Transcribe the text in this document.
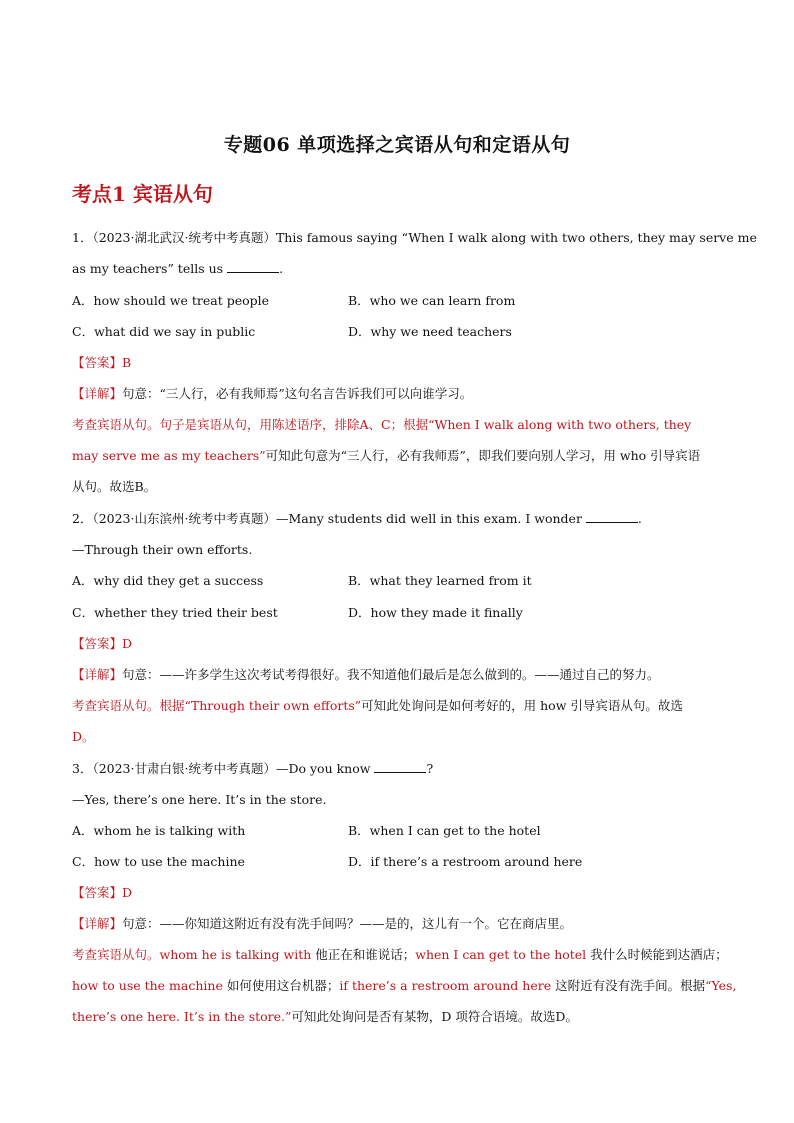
专题06 单项选择之宾语从句和定语从句
考点1 宾语从句
1．（2023·湖北武汉·统考中考真题）This famous saying “When I walk along with two others, they may serve me
as my teachers” tells us	.
A．how should we treat people	B．who we can learn from
C．what did we say in public	D．why we need teachers
【答案】B
【详解】句意：“三人行，必有我师焉”这句名言告诉我们可以向谁学习。
考查宾语从句。句子是宾语从句，用陈述语序，排除A、C；根据“When I walk along with two others, they
may serve me as my teachers”可知此句意为“三人行，必有我师焉”，即我们要向别人学习，用 who 引导宾语
从句。故选B。
2．（2023·山东滨州·统考中考真题）—Many students did well in this exam. I wonder	.
—Through their own efforts.
A．why did they get a success	B．what they learned from it
C．whether they tried their best	D．how they made it finally
【答案】D
【详解】句意：——许多学生这次考试考得很好。我不知道他们最后是怎么做到的。——通过自己的努力。
考查宾语从句。根据“Through their own efforts”可知此处询问是如何考好的，用 how 引导宾语从句。故选
D。
3．（2023·甘肃白银·统考中考真题）—Do you know	?
—Yes, there’s one here. It’s in the store.
A．whom he is talking with	B．when I can get to the hotel
C．how to use the machine	D．if there’s a restroom around here
【答案】D
【详解】句意：——你知道这附近有没有洗手间吗？——是的，这儿有一个。它在商店里。
考查宾语从句。whom he is talking with 他正在和谁说话；when I can get to the hotel 我什么时候能到达酒店；
how to use the machine 如何使用这台机器；if there’s a restroom around here 这附近有没有洗手间。根据“Yes,
there’s one here. It’s in the store.”可知此处询问是否有某物，D 项符合语境。故选D。
